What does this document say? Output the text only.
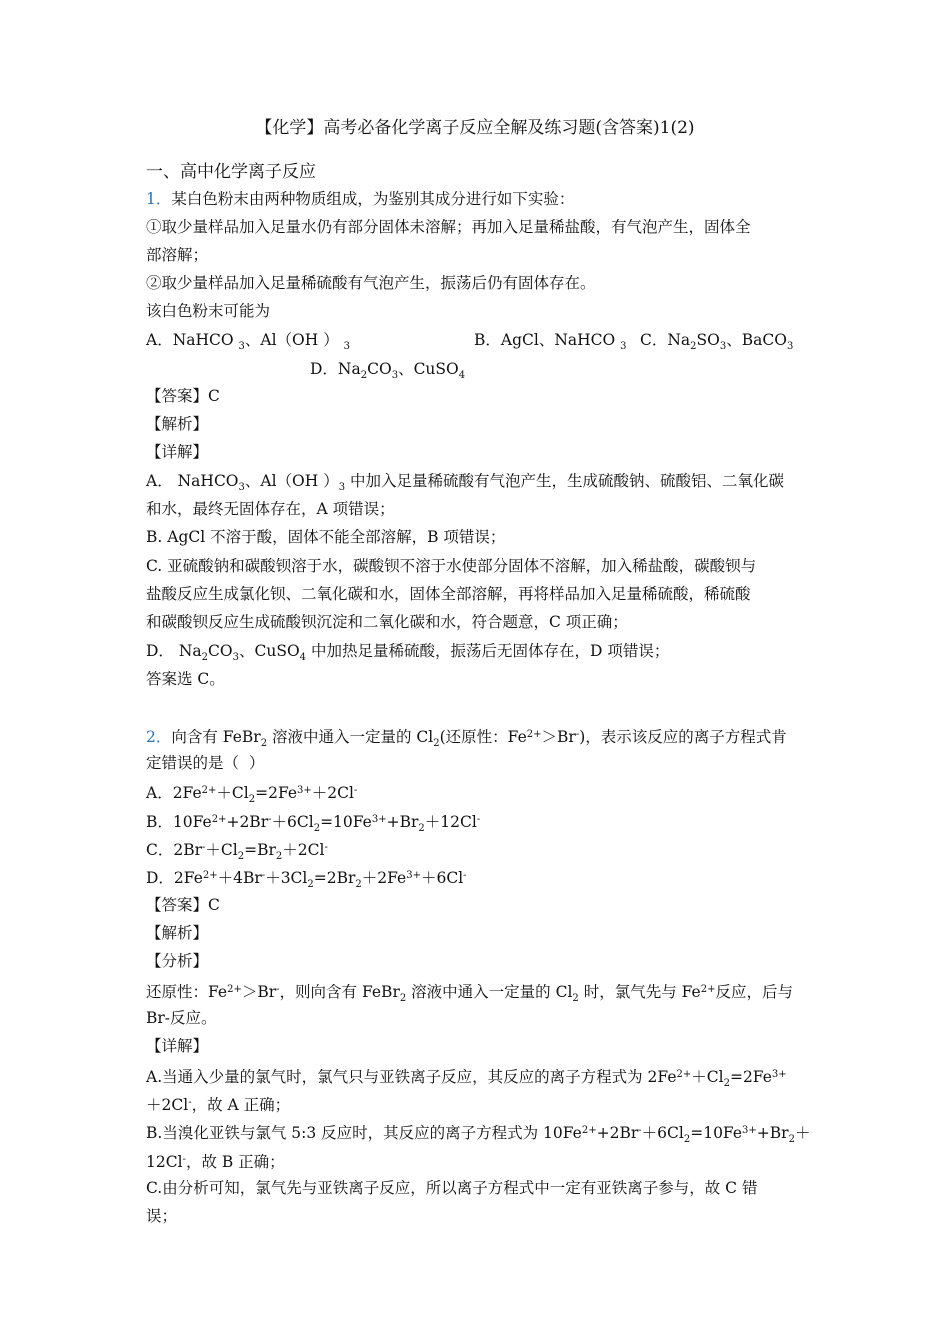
【化学】高考必备化学离子反应全解及练习题(含答案)1(2)
一、高中化学离子反应
1．某白色粉末由两种物质组成，为鉴别其成分进行如下实验：
①取少量样品加入足量水仍有部分固体未溶解；再加入足量稀盐酸，有气泡产生，固体全
部溶解；
②取少量样品加入足量稀硫酸有气泡产生，振荡后仍有固体存在。
该白色粉末可能为
A．NaHCO $_3$、Al（OH ） $_3$	B．AgCl、NaHCO $_3$ C．$Na_2SO_3$、BaCO$_3$
D．$Na_2CO_3$、CuSO$_4$
【答案】C
【解析】
【详解】
A． NaHCO$_3$、Al（OH ）$_3$ 中加入足量稀硫酸有气泡产生，生成硫酸钠、硫酸铝、二氧化碳
和水，最终无固体存在，A 项错误；
B. AgCl 不溶于酸，固体不能全部溶解，B 项错误；
C. 亚硫酸钠和碳酸钡溶于水，碳酸钡不溶于水使部分固体不溶解，加入稀盐酸，碳酸钡与
盐酸反应生成氯化钡、二氧化碳和水，固体全部溶解，再将样品加入足量稀硫酸，稀硫酸
和碳酸钡反应生成硫酸钡沉淀和二氧化碳和水，符合题意，C 项正确；
D． $Na_2CO_3$、CuSO$_4$ 中加热足量稀硫酸，振荡后无固体存在，D 项错误；
答案选 C。
2．向含有 FeBr$_2$ 溶液中通入一定量的 $Cl_2$(还原性：$Fe^{2+}>Br^-$)，表示该反应的离子方程式肯
定错误的是（  ）
A．$2Fe^{2+}+Cl_2=2Fe^{3+}+2Cl^-$
B．$10Fe^{2+}+2Br^-+6Cl_2=10Fe^{3+}+Br_2+12Cl^-$
C．$2Br^-+Cl_2=Br_2+2Cl^-$
D．$2Fe^{2+}+4Br^-+3Cl_2=2Br_2+2Fe^{3+}+6Cl^-$
【答案】C
【解析】
【分析】
还原性：$Fe^{2+}>Br^-$，则向含有 FeBr$_2$ 溶液中通入一定量的 $Cl_2$ 时，氯气先与 $Fe^{2+}$反应，后与
Br-反应。
【详解】
A.当通入少量的氯气时，氯气只与亚铁离子反应，其反应的离子方程式为 $2Fe^{2+}+Cl_2=2Fe^{3+}$
＋2Cl-，故 A 正确；
B.当溴化亚铁与氯气 5:3 反应时，其反应的离子方程式为 $10Fe^{2+}+2Br^-+6Cl_2=10Fe^{3+}+Br_2+$
12Cl-，故 B 正确；
C.由分析可知，氯气先与亚铁离子反应，所以离子方程式中一定有亚铁离子参与，故 C 错
误；
